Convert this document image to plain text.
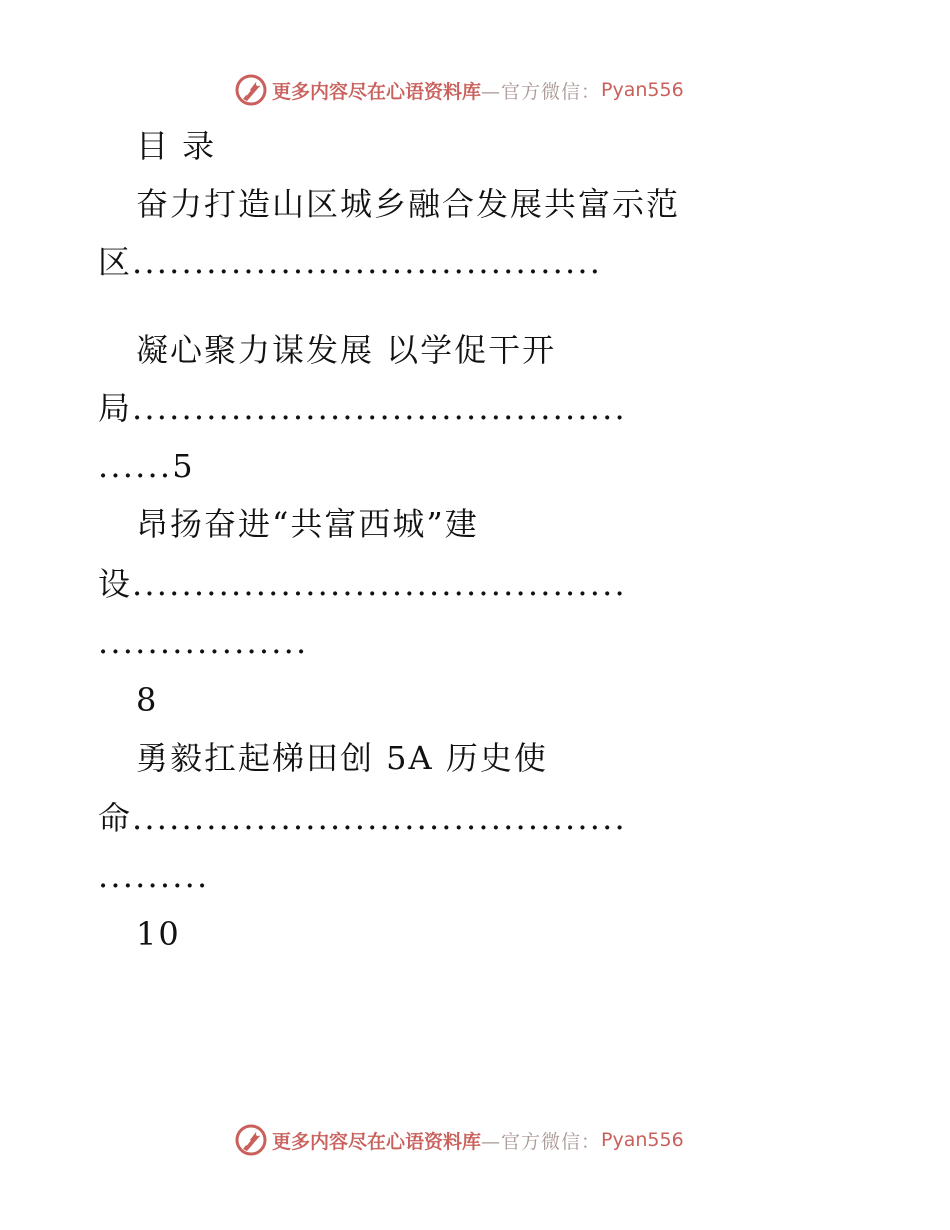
更多内容尽在心语资料库 —官方微信： Pyan556
目 录
奋力打造山区城乡融合发展共富示范
区......................................
凝心聚力谋发展 以学促干开
局........................................
......5
昂扬奋进“共富西城”建
设........................................
.................
8
勇毅扛起梯田创 5A 历史使
命........................................
.........
10
更多内容尽在心语资料库 —官方微信： Pyan556
